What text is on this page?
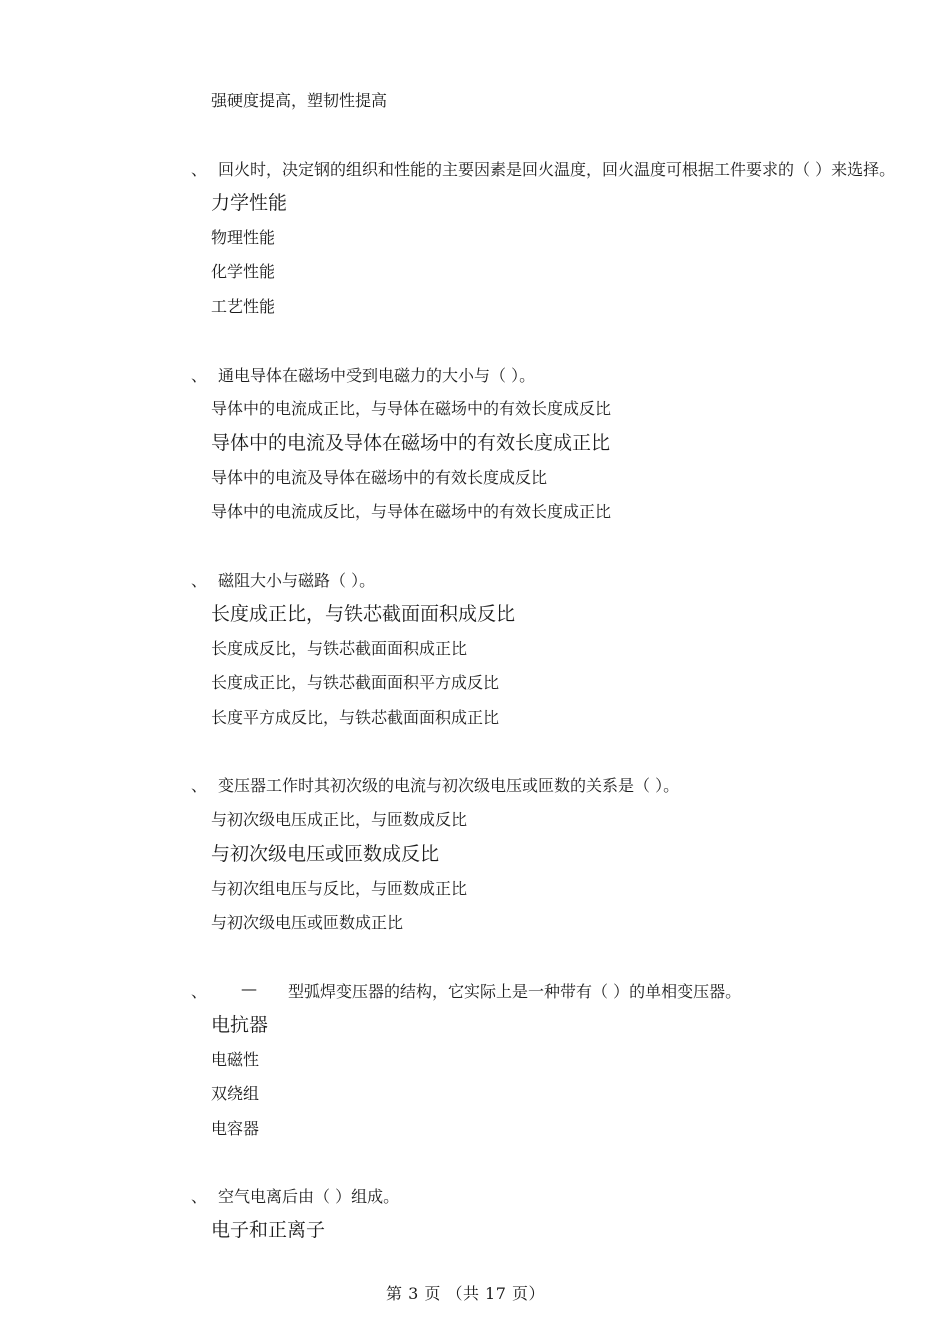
强硬度提高，塑韧性提高
、 回火时，决定钢的组织和性能的主要因素是回火温度，回火温度可根据工件要求的（ ）来选择。
力学性能
物理性能
化学性能
工艺性能
、 通电导体在磁场中受到电磁力的大小与（ ）。
导体中的电流成正比，与导体在磁场中的有效长度成反比
导体中的电流及导体在磁场中的有效长度成正比
导体中的电流及导体在磁场中的有效长度成反比
导体中的电流成反比，与导体在磁场中的有效长度成正比
、 磁阻大小与磁路（ ）。
长度成正比，与铁芯截面面积成反比
长度成反比，与铁芯截面面积成正比
长度成正比，与铁芯截面面积平方成反比
长度平方成反比，与铁芯截面面积成正比
、 变压器工作时其初次级的电流与初次级电压或匝数的关系是（ ）。
与初次级电压成正比，与匝数成反比
与初次级电压或匝数成反比
与初次组电压与反比，与匝数成正比
与初次级电压或匝数成正比
、 — 型弧焊变压器的结构，它实际上是一种带有（ ）的单相变压器。
电抗器
电磁性
双绕组
电容器
、 空气电离后由（ ）组成。
电子和正离子
第 3 页 （共 17 页）
